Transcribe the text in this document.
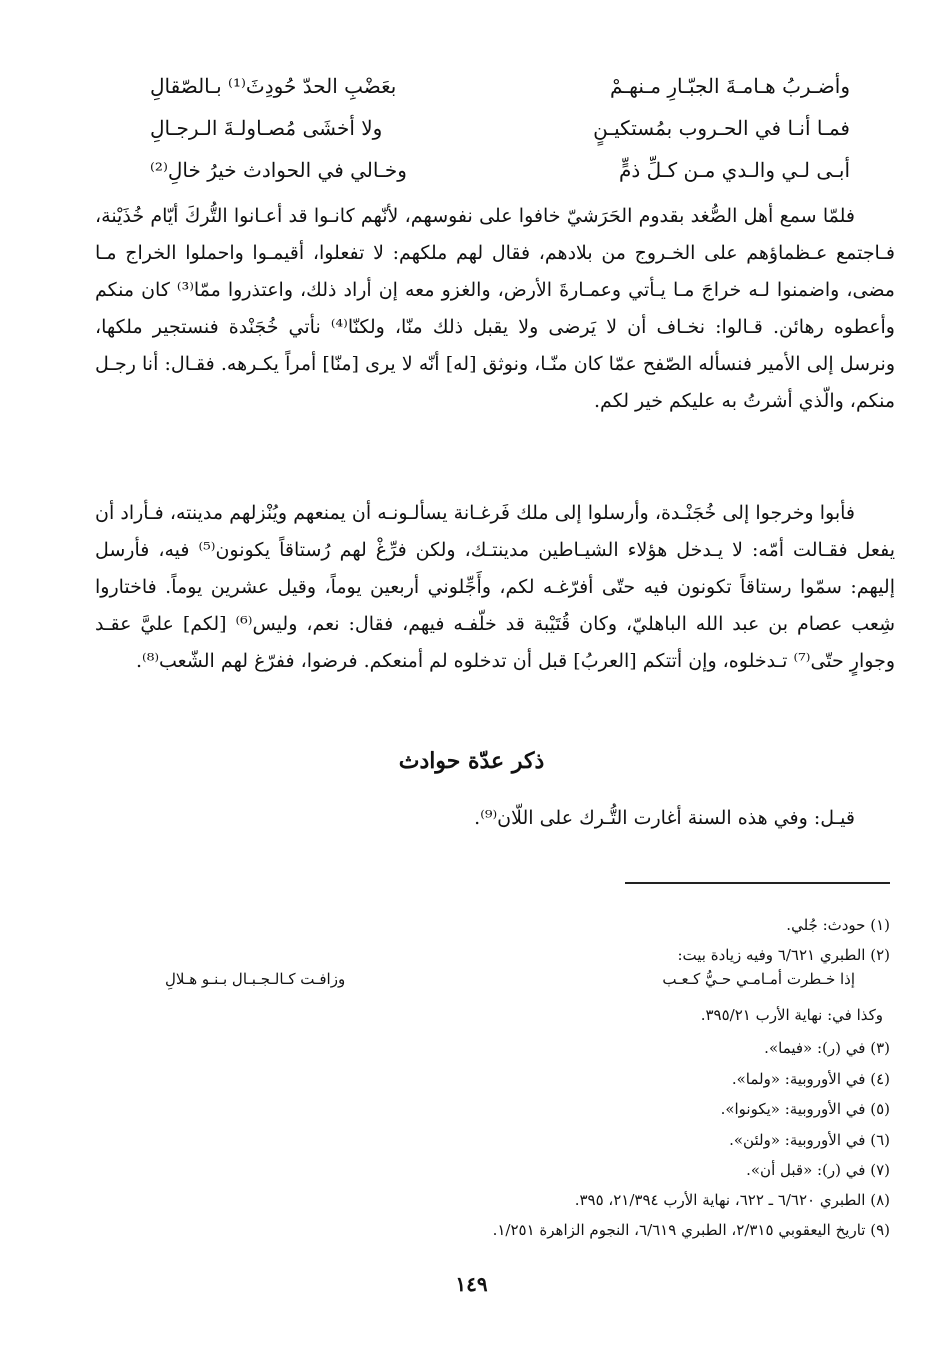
وأضـربُ هـامـةَ الجبّـارِ مـنهـمْ
بعَضْبِ الحدّ حُودِثَ⁽¹⁾ بـالصّقالِ
فمـا أنـا في الحـروب بمُستكيـنٍ
ولا أخشَى مُصـاولـةَ الـرجـالِ
أبـى لـي والـدي مـن كـلِّ ذمٍّ
وخـالي في الحوادث خيرُ خالِ⁽²⁾

فلمّا سمع أهل الصُّغد بقدوم الحَرَشيّ خافوا على نفوسهم، لأنّهم كانـوا قد أعـانوا التُّركَ أيّام خُذَيْنة، فـاجتمع عـظماؤهم على الخـروج من بلادهم، فقال لهم ملكهم: لا تفعلوا، أقيمـوا واحملوا الخراج مـا مضى، واضمنوا لـه خراجَ مـا يـأتي وعمـارةَ الأرض، والغزو معه إن أراد ذلك، واعتذروا ممّا⁽³⁾ كان منكم وأعطوه رهائن. قـالوا: نخـاف أن لا يَرضى ولا يقبل ذلك منّا، ولكنّا⁽⁴⁾ نأتي خُجَنْدة فنستجير ملكها، ونرسل إلى الأمير فنسأله الصّفح عمّا كان منّـا، ونوثق [له] أنّه لا يرى [منّا] أمراً يكـرهه. فقـال: أنا رجـل منكم، والّذي أشرتُ به عليكم خير لكم.

فأبوا وخرجوا إلى خُجَنْـدة، وأرسلوا إلى ملك فَرغـانة يسألـونـه أن يمنعهم ويُنْزلهم مدينته، فـأراد أن يفعل فقـالت أمّه: لا يـدخل هؤلاء الشيـاطين مدينتـك، ولكن فرِّغْ لهم رُستاقاً يكونون⁽⁵⁾ فيه، فأرسل إليهم: سمّوا رستاقاً تكونون فيه حتّى أفرّغـه لكم، وأَجِّلوني أربعين يوماً، وقيل عشرين يوماً. فاختاروا شِعب عصام بن عبد الله الباهليّ، وكان قُتَيْبة قد خلّفـه فيهم، فقال: نعم، وليس⁽⁶⁾ [لكم] عليَّ عقـد وجوارٍ حتّى⁽⁷⁾ تـدخلوه، وإن أتتكم [العربُ] قبل أن تدخلوه لم أمنعكم. فرضوا، ففرّغ لهم الشّعب⁽⁸⁾.

ذكر عدّة حوادث

قيـل: وفي هذه السنة أغارت التُّـرك على اللّان⁽⁹⁾.

(١) حودث: جُلي.
(٢) الطبري ٦/٦٢١ وفيه زيادة بيت:
إذا خـطرت أمـامـي حـيُّ كـعـب
وزافـت كـالـجـبـال بـنـو هـلالِ
وكذا في: نهاية الأرب ٣٩٥/٢١.
(٣) في (ر): «فيما».
(٤) في الأوروبية: «ولما».
(٥) في الأوروبية: «يكونوا».
(٦) في الأوروبية: «ولئن».
(٧) في (ر): «قبل أن».
(٨) الطبري ٦/٦٢٠ ـ ٦٢٢، نهاية الأرب ٢١/٣٩٤، ٣٩٥.
(٩) تاريخ اليعقوبي ٢/٣١٥، الطبري ٦/٦١٩، النجوم الزاهرة ١/٢٥١.
١٤٩
